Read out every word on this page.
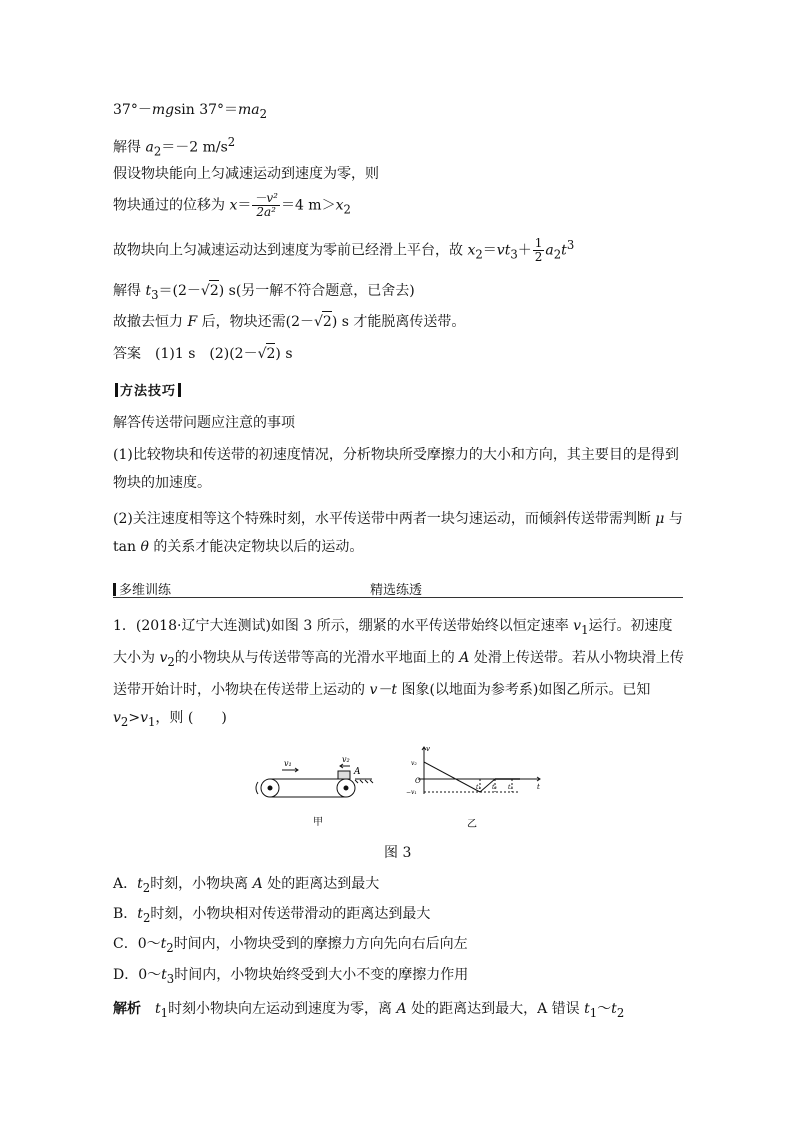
37°－mgsin $37^\circ=ma_2$
解得 $a_2=-2$ $m/s^2$
假设物块能向上匀减速运动到速度为零，则
物块通过的位移为 $x= \frac{\text{－v²}}{\text{2a²}} =4$ $m>x_2$
故物块向上匀减速运动达到速度为零前已经滑上平台，故 $x_2=vt_3+ \frac{1}{2} a_2t^3$
解得 $t_3=(2-√2)$ s(另一解不符合题意，已舍去)
故撤去恒力 F 后，物块还需(2－√2) s 才能脱离传送带。
答案　(1)1 s　(2)(2－√2) s
方法技巧
解答传送带问题应注意的事项
(1)比较物块和传送带的初速度情况，分析物块所受摩擦力的大小和方向，其主要目的是得到物块的加速度。
(2)关注速度相等这个特殊时刻，水平传送带中两者一块匀速运动，而倾斜传送带需判断 μ 与 tan θ 的关系才能决定物块以后的运动。
多维训练	精选练透
1．(2018·辽宁大连测试)如图 3 所示，绷紧的水平传送带始终以恒定速率 $v_1$运行。初速度大小为 $v_2$的小物块从与传送带等高的光滑水平地面上的 A 处滑上传送带。若从小物块滑上传送带开始计时，小物块在传送带上运动的 v－t 图象(以地面为参考系)如图乙所示。已知 $v_2>v_1$，则 (　　)
v₁	v₂
A
甲
v
t
O
v₂
−v₁
t₁ t₂ t₃
乙
图 3
A．$t_2$时刻，小物块离 A 处的距离达到最大
B．$t_2$时刻，小物块相对传送带滑动的距离达到最大
C．$0\sim t_2$时间内，小物块受到的摩擦力方向先向右后向左
D．$0\sim t_3$时间内，小物块始终受到大小不变的摩擦力作用
解析　$t_1$时刻小物块向左运动到速度为零，离 A 处的距离达到最大，A 错误 $t_1\sim t_2$
